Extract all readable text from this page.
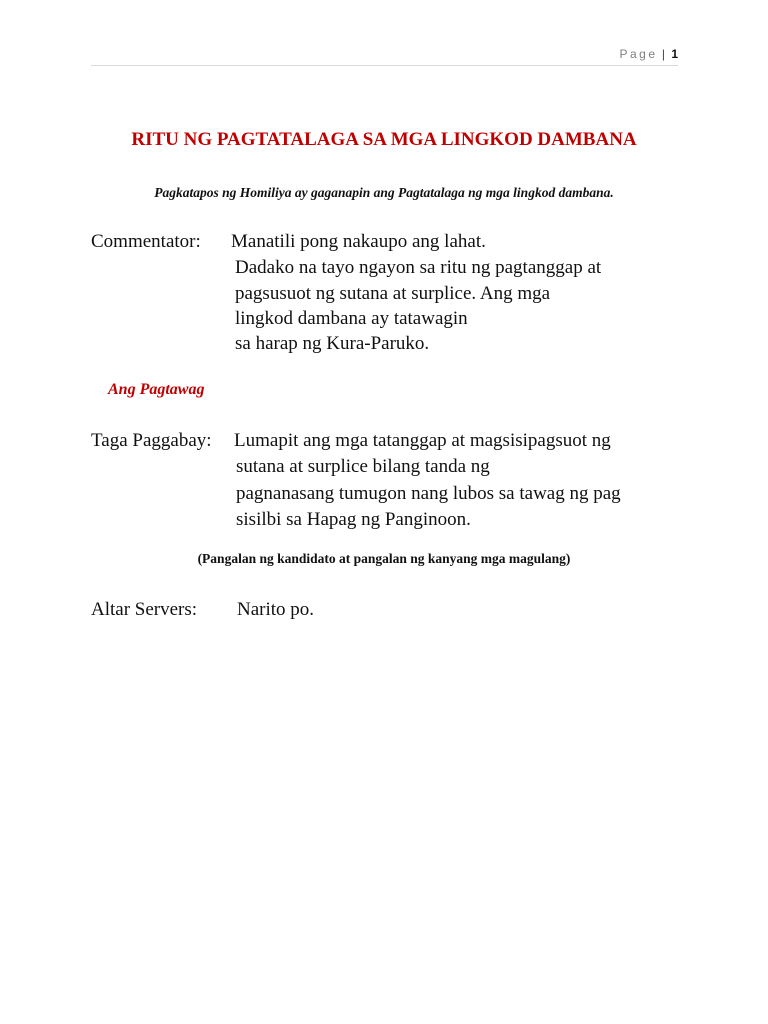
Page | 1
RITU NG PAGTATALAGA SA MGA LINGKOD DAMBANA

Pagkatapos ng Homiliya ay gaganapin ang Pagtatalaga ng mga lingkod dambana.

Commentator: Manatili pong nakaupo ang lahat.
Dadako na tayo ngayon sa ritu ng pagtanggap at
pagsusuot ng sutana at surplice. Ang mga
lingkod dambana ay tatawagin
sa harap ng Kura-Paruko.
Ang Pagtawag
Taga Paggabay: Lumapit ang mga tatanggap at magsisipagsuot ng
sutana at surplice bilang tanda ng
pagnanasang tumugon nang lubos sa tawag ng pag
sisilbi sa Hapag ng Panginoon.

(Pangalan ng kandidato at pangalan ng kanyang mga magulang)

Altar Servers: Narito po.
